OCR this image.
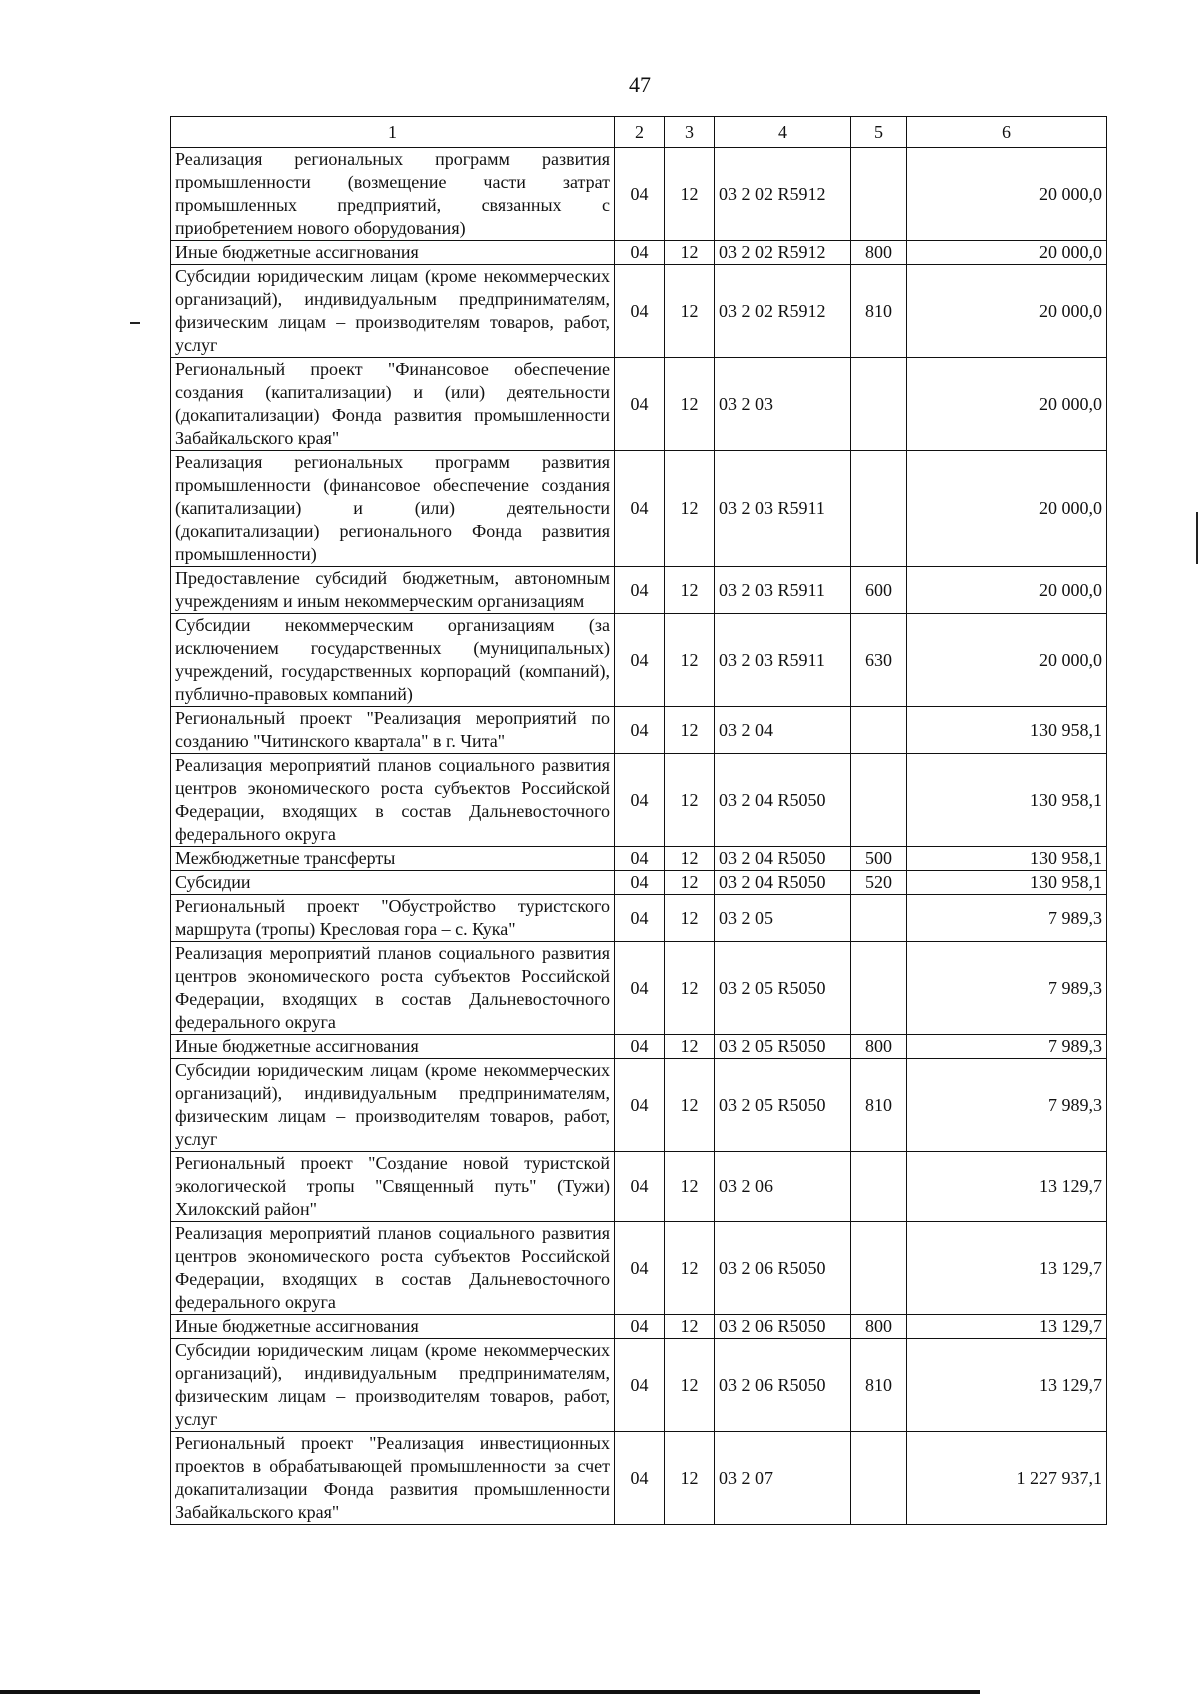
47
1	2	3	4	5	6
Реализация региональных программ развития промышленности (возмещение части затрат промышленных предприятий, связанных с приобретением нового оборудования)	04	12	03 2 02 R5912		20 000,0
Иные бюджетные ассигнования	04	12	03 2 02 R5912	800	20 000,0
Субсидии юридическим лицам (кроме некоммерческих организаций), индивидуальным предпринимателям, физическим лицам – производителям товаров, работ, услуг	04	12	03 2 02 R5912	810	20 000,0
Региональный проект "Финансовое обеспечение создания (капитализации) и (или) деятельности (докапитализации) Фонда развития промышленности Забайкальского края"	04	12	03 2 03		20 000,0
Реализация региональных программ развития промышленности (финансовое обеспечение создания (капитализации) и (или) деятельности (докапитализации) регионального Фонда развития промышленности)	04	12	03 2 03 R5911		20 000,0
Предоставление субсидий бюджетным, автономным учреждениям и иным некоммерческим организациям	04	12	03 2 03 R5911	600	20 000,0
Субсидии некоммерческим организациям (за исключением государственных (муниципальных) учреждений, государственных корпораций (компаний), публично-правовых компаний)	04	12	03 2 03 R5911	630	20 000,0
Региональный проект "Реализация мероприятий по созданию "Читинского квартала" в г. Чита"	04	12	03 2 04		130 958,1
Реализация мероприятий планов социального развития центров экономического роста субъектов Российской Федерации, входящих в состав Дальневосточного федерального округа	04	12	03 2 04 R5050		130 958,1
Межбюджетные трансферты	04	12	03 2 04 R5050	500	130 958,1
Субсидии	04	12	03 2 04 R5050	520	130 958,1
Региональный проект "Обустройство туристского маршрута (тропы) Кресловая гора – с. Кука"	04	12	03 2 05		7 989,3
Реализация мероприятий планов социального развития центров экономического роста субъектов Российской Федерации, входящих в состав Дальневосточного федерального округа	04	12	03 2 05 R5050		7 989,3
Иные бюджетные ассигнования	04	12	03 2 05 R5050	800	7 989,3
Субсидии юридическим лицам (кроме некоммерческих организаций), индивидуальным предпринимателям, физическим лицам – производителям товаров, работ, услуг	04	12	03 2 05 R5050	810	7 989,3
Региональный проект "Создание новой туристской экологической тропы "Священный путь" (Тужи) Хилокский район"	04	12	03 2 06		13 129,7
Реализация мероприятий планов социального развития центров экономического роста субъектов Российской Федерации, входящих в состав Дальневосточного федерального округа	04	12	03 2 06 R5050		13 129,7
Иные бюджетные ассигнования	04	12	03 2 06 R5050	800	13 129,7
Субсидии юридическим лицам (кроме некоммерческих организаций), индивидуальным предпринимателям, физическим лицам – производителям товаров, работ, услуг	04	12	03 2 06 R5050	810	13 129,7
Региональный проект "Реализация инвестиционных проектов в обрабатывающей промышленности за счет докапитализации Фонда развития промышленности Забайкальского края"	04	12	03 2 07		1 227 937,1
